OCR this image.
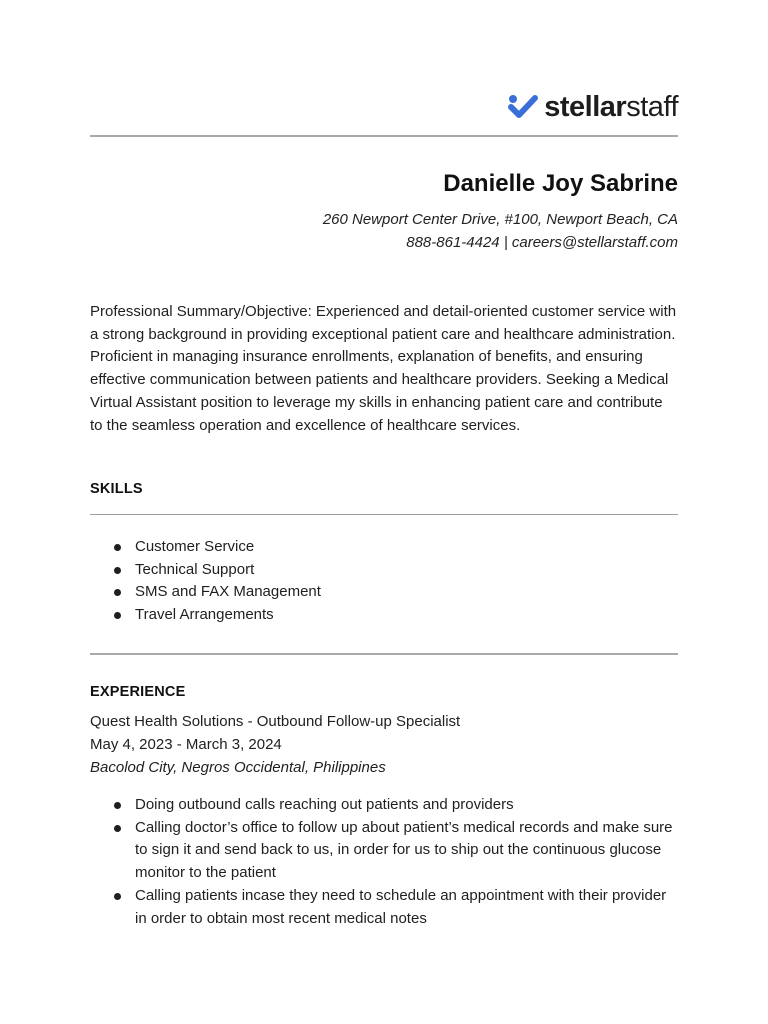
stellarstaff
Danielle Joy Sabrine
260 Newport Center Drive, #100, Newport Beach, CA
888-861-4424 | careers@stellarstaff.com
Professional Summary/Objective: Experienced and detail-oriented customer service with a strong background in providing exceptional patient care and healthcare administration. Proficient in managing insurance enrollments, explanation of benefits, and ensuring effective communication between patients and healthcare providers. Seeking a Medical Virtual Assistant position to leverage my skills in enhancing patient care and contribute to the seamless operation and excellence of healthcare services.
SKILLS
Customer Service
Technical Support
SMS and FAX Management
Travel Arrangements
EXPERIENCE
Quest Health Solutions - Outbound Follow-up Specialist
May 4, 2023 - March 3, 2024
Bacolod City, Negros Occidental, Philippines
Doing outbound calls reaching out patients and providers
Calling doctor’s office to follow up about patient’s medical records and make sure to sign it and send back to us, in order for us to ship out the continuous glucose monitor to the patient
Calling patients incase they need to schedule an appointment with their provider in order to obtain most recent medical notes
